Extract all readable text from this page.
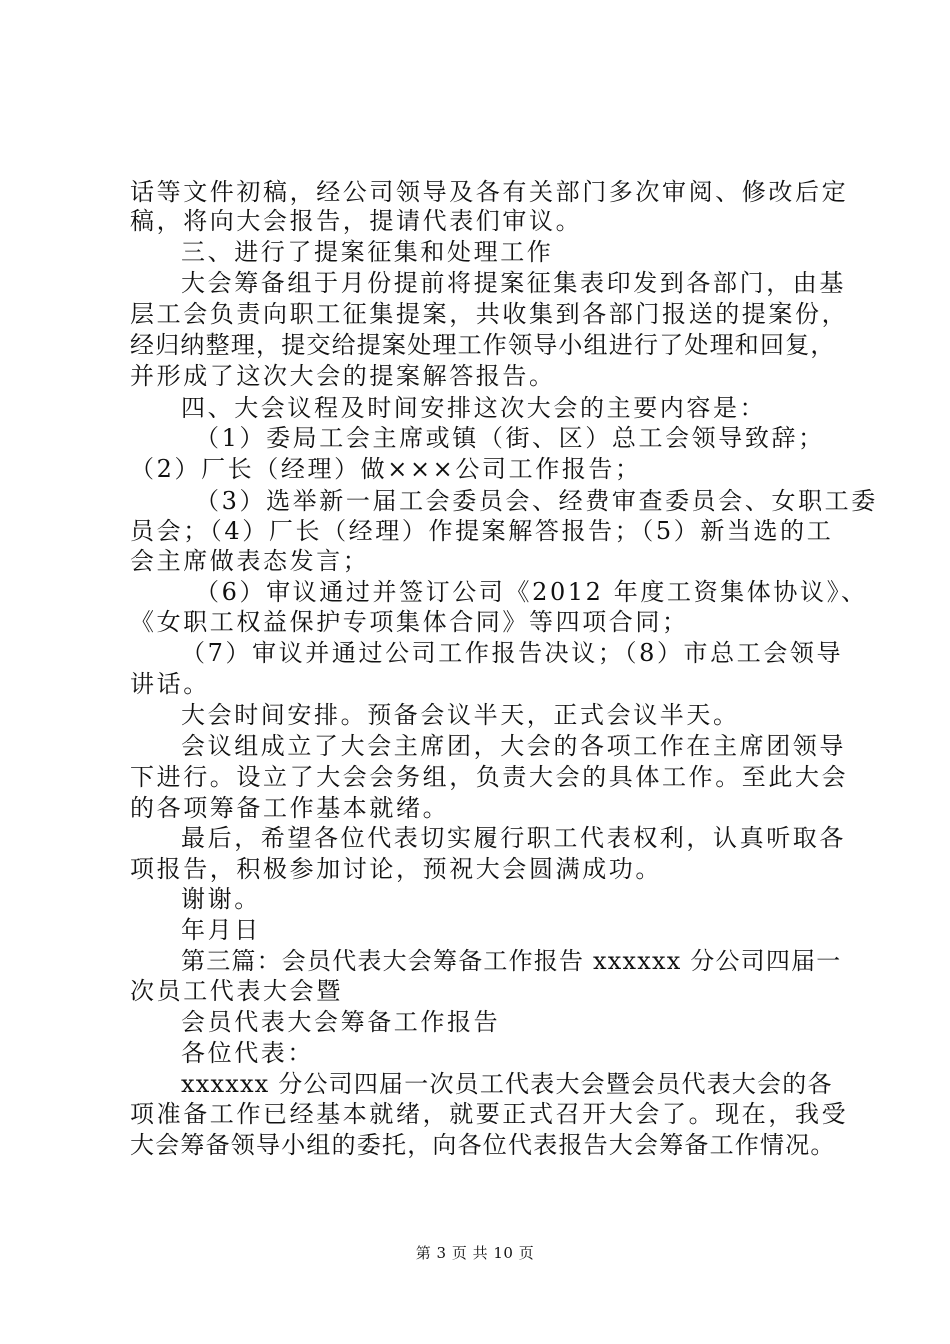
话等文件初稿，经公司领导及各有关部门多次审阅、修改后定
稿，将向大会报告，提请代表们审议。
三、进行了提案征集和处理工作
大会筹备组于月份提前将提案征集表印发到各部门，由基
层工会负责向职工征集提案，共收集到各部门报送的提案份，
经归纳整理，提交给提案处理工作领导小组进行了处理和回复，
并形成了这次大会的提案解答报告。
四、大会议程及时间安排这次大会的主要内容是：
（1）委局工会主席或镇（街、区）总工会领导致辞；
（2）厂长（经理）做×××公司工作报告；
（3）选举新一届工会委员会、经费审查委员会、女职工委
员会；（4）厂长（经理）作提案解答报告；（5）新当选的工
会主席做表态发言；
（6）审议通过并签订公司《2012 年度工资集体协议》、
《女职工权益保护专项集体合同》等四项合同；
（7）审议并通过公司工作报告决议；（8）市总工会领导
讲话。
大会时间安排。预备会议半天，正式会议半天。
会议组成立了大会主席团，大会的各项工作在主席团领导
下进行。设立了大会会务组，负责大会的具体工作。至此大会
的各项筹备工作基本就绪。
最后，希望各位代表切实履行职工代表权利，认真听取各
项报告，积极参加讨论，预祝大会圆满成功。
谢谢。
年月日
第三篇：会员代表大会筹备工作报告 xxxxxx 分公司四届一
次员工代表大会暨
会员代表大会筹备工作报告
各位代表：
xxxxxx 分公司四届一次员工代表大会暨会员代表大会的各
项准备工作已经基本就绪，就要正式召开大会了。现在，我受
大会筹备领导小组的委托，向各位代表报告大会筹备工作情况。
第 3 页 共 10 页
